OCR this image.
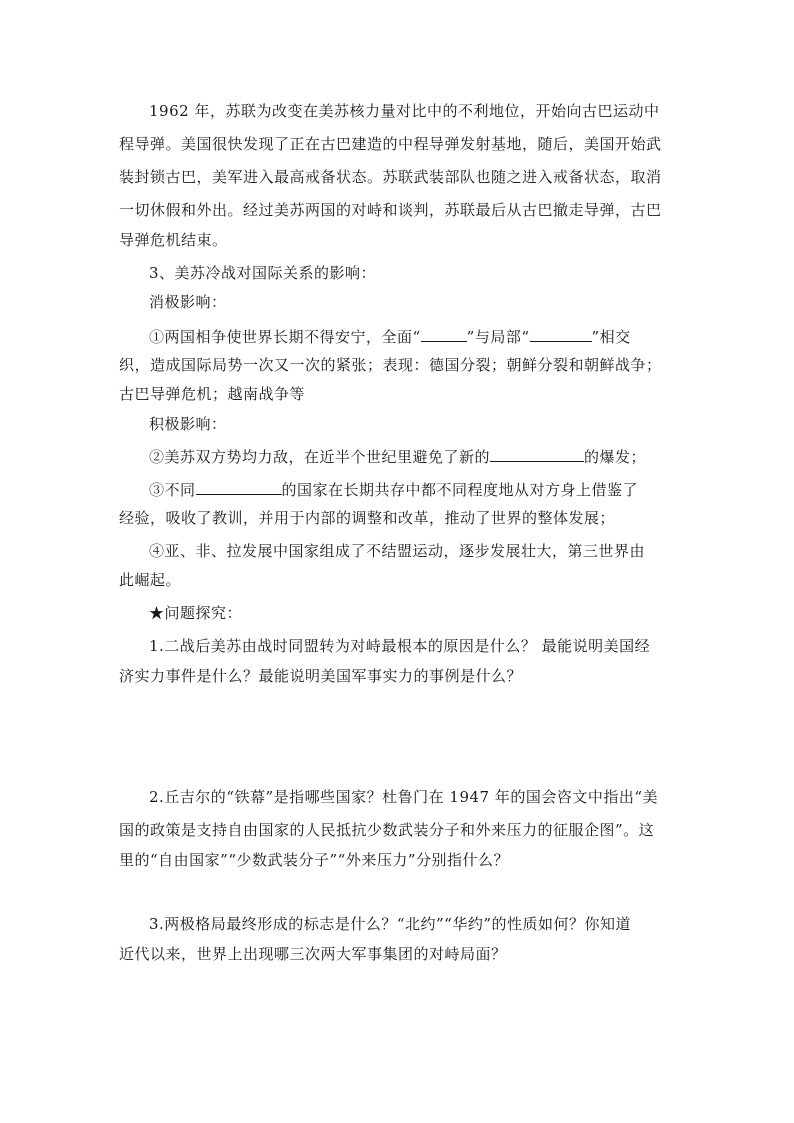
1962 年，苏联为改变在美苏核力量对比中的不利地位，开始向古巴运动中
程导弹。美国很快发现了正在古巴建造的中程导弹发射基地，随后，美国开始武
装封锁古巴，美军进入最高戒备状态。苏联武装部队也随之进入戒备状态，取消
一切休假和外出。经过美苏两国的对峙和谈判，苏联最后从古巴撤走导弹，古巴
导弹危机结束。
3、美苏冷战对国际关系的影响：
消极影响：
①两国相争使世界长期不得安宁，全面“	”与局部“	”相交
织，造成国际局势一次又一次的紧张；表现：德国分裂；朝鲜分裂和朝鲜战争；
古巴导弹危机；越南战争等
积极影响：
②美苏双方势均力敌，在近半个世纪里避免了新的	的爆发；
③不同	的国家在长期共存中都不同程度地从对方身上借鉴了
经验，吸收了教训，并用于内部的调整和改革，推动了世界的整体发展；
④亚、非、拉发展中国家组成了不结盟运动，逐步发展壮大，第三世界由
此崛起。
★问题探究：
1.二战后美苏由战时同盟转为对峙最根本的原因是什么？ 最能说明美国经
济实力事件是什么？最能说明美国军事实力的事例是什么？
2.丘吉尔的“铁幕”是指哪些国家？杜鲁门在 1947 年的国会咨文中指出“美
国的政策是支持自由国家的人民抵抗少数武装分子和外来压力的征服企图”。这
里的“自由国家”“少数武装分子”“外来压力”分别指什么？
3.两极格局最终形成的标志是什么？“北约”“华约”的性质如何？你知道
近代以来，世界上出现哪三次两大军事集团的对峙局面？
